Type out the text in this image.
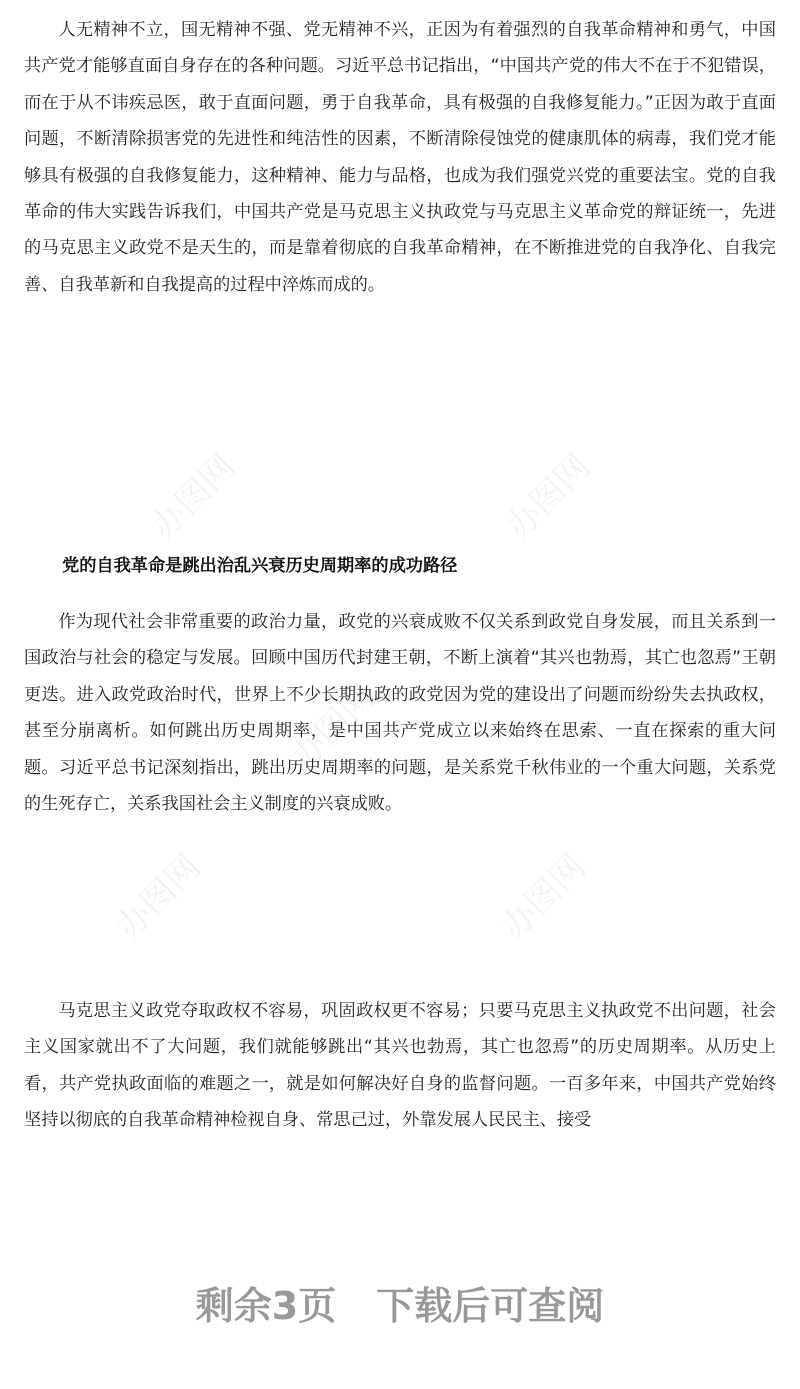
人无精神不立，国无精神不强、党无精神不兴，正因为有着强烈的自我革命精神和勇气，中国共产党才能够直面自身存在的各种问题。习近平总书记指出，“中国共产党的伟大不在于不犯错误，而在于从不讳疾忌医，敢于直面问题，勇于自我革命，具有极强的自我修复能力。”正因为敢于直面问题，不断清除损害党的先进性和纯洁性的因素，不断清除侵蚀党的健康肌体的病毒，我们党才能够具有极强的自我修复能力，这种精神、能力与品格，也成为我们强党兴党的重要法宝。党的自我革命的伟大实践告诉我们，中国共产党是马克思主义执政党与马克思主义革命党的辩证统一，先进的马克思主义政党不是天生的，而是靠着彻底的自我革命精神，在不断推进党的自我净化、自我完善、自我革新和自我提高的过程中淬炼而成的。

党的自我革命是跳出治乱兴衰历史周期率的成功路径

作为现代社会非常重要的政治力量，政党的兴衰成败不仅关系到政党自身发展，而且关系到一国政治与社会的稳定与发展。回顾中国历代封建王朝，不断上演着“其兴也勃焉，其亡也忽焉”王朝更迭。进入政党政治时代，世界上不少长期执政的政党因为党的建设出了问题而纷纷失去执政权，甚至分崩离析。如何跳出历史周期率，是中国共产党成立以来始终在思索、一直在探索的重大问题。习近平总书记深刻指出，跳出历史周期率的问题，是关系党千秋伟业的一个重大问题，关系党的生死存亡，关系我国社会主义制度的兴衰成败。

马克思主义政党夺取政权不容易，巩固政权更不容易；只要马克思主义执政党不出问题，社会主义国家就出不了大问题，我们就能够跳出“其兴也勃焉，其亡也忽焉”的历史周期率。从历史上看，共产党执政面临的难题之一，就是如何解决好自身的监督问题。一百多年来，中国共产党始终坚持以彻底的自我革命精神检视自身、常思己过，外靠发展人民民主、接受

办图网	办图网
办图网
办图网	办图网
剩余3页 下载后可查阅
